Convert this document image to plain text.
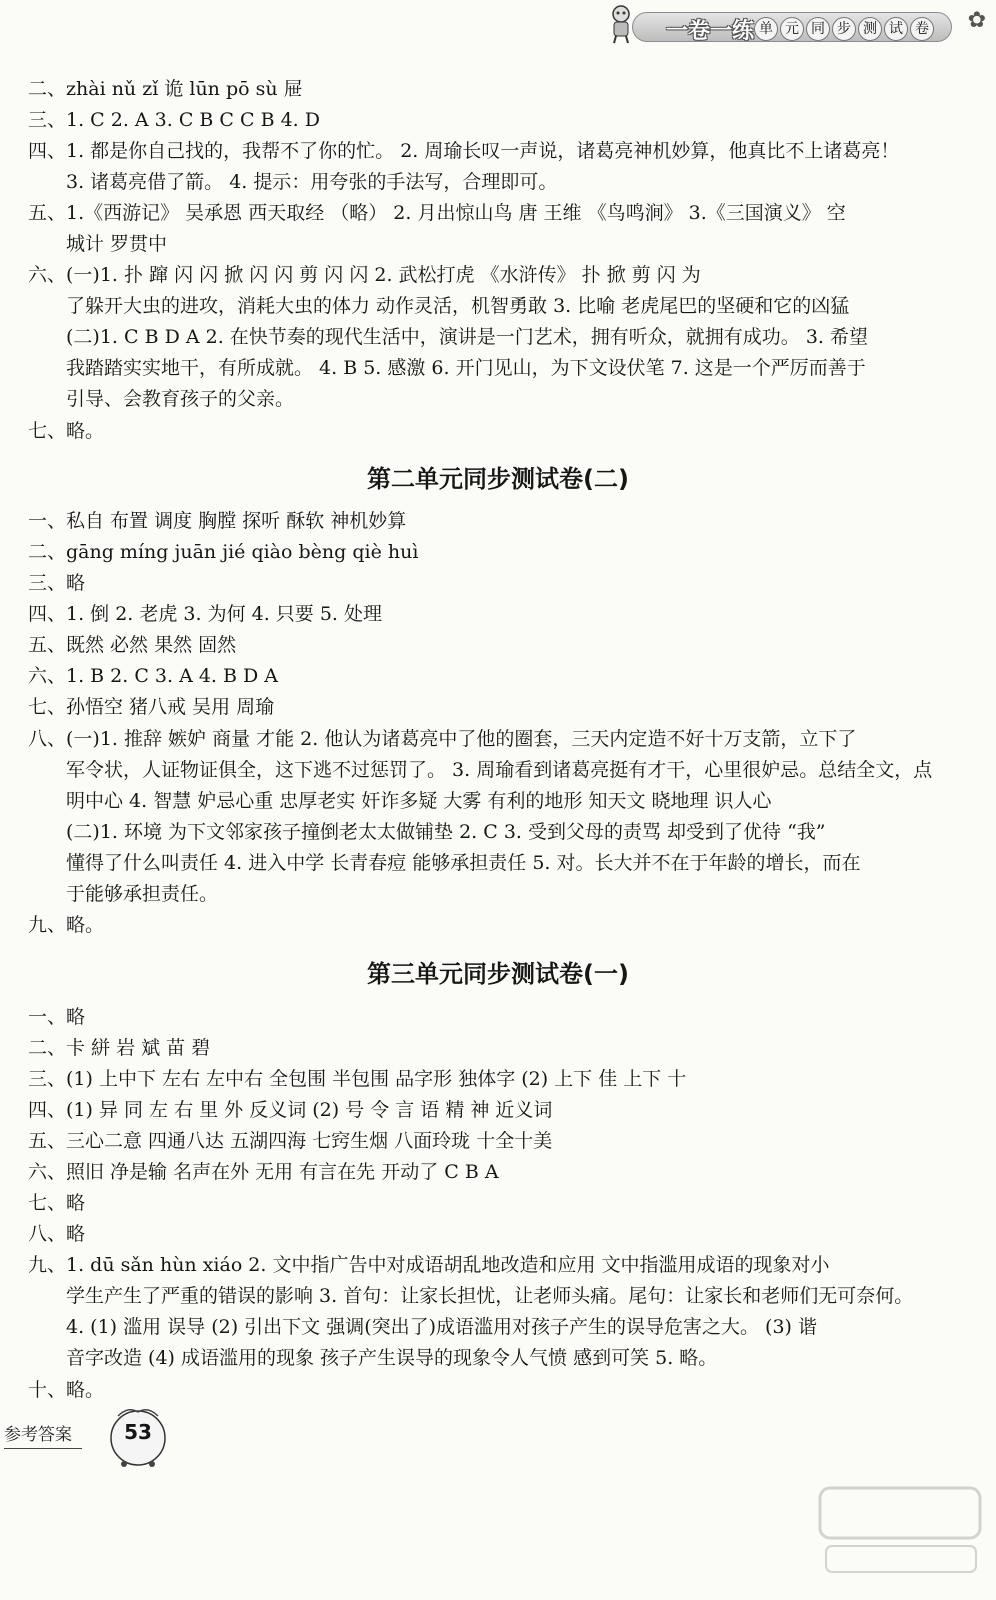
一卷一练 单 元 同 步 测 试 卷 ✿
二、zhài nǔ zǐ 诡 lūn pō sù 屉
三、1. C 2. A 3. C B C C B 4. D
四、1. 都是你自己找的，我帮不了你的忙。 2. 周瑜长叹一声说，诸葛亮神机妙算，他真比不上诸葛亮！
3. 诸葛亮借了箭。 4. 提示：用夸张的手法写，合理即可。
五、1.《西游记》 吴承恩 西天取经 （略） 2. 月出惊山鸟 唐 王维 《鸟鸣涧》 3.《三国演义》 空
城计 罗贯中
六、(一)1. 扑 蹿 闪 闪 掀 闪 闪 剪 闪 闪 2. 武松打虎 《水浒传》 扑 掀 剪 闪 为
了躲开大虫的进攻，消耗大虫的体力 动作灵活，机智勇敢 3. 比喻 老虎尾巴的坚硬和它的凶猛
(二)1. C B D A 2. 在快节奏的现代生活中，演讲是一门艺术，拥有听众，就拥有成功。 3. 希望
我踏踏实实地干，有所成就。 4. B 5. 感激 6. 开门见山，为下文设伏笔 7. 这是一个严厉而善于
引导、会教育孩子的父亲。
七、略。
第二单元同步测试卷(二)
一、私自 布置 调度 胸膛 探听 酥软 神机妙算
二、gāng míng juān jié qiào bèng qiè huì
三、略
四、1. 倒 2. 老虎 3. 为何 4. 只要 5. 处理
五、既然 必然 果然 固然
六、1. B 2. C 3. A 4. B D A
七、孙悟空 猪八戒 吴用 周瑜
八、(一)1. 推辞 嫉妒 商量 才能 2. 他认为诸葛亮中了他的圈套，三天内定造不好十万支箭，立下了
军令状，人证物证俱全，这下逃不过惩罚了。 3. 周瑜看到诸葛亮挺有才干，心里很妒忌。总结全文，点
明中心 4. 智慧 妒忌心重 忠厚老实 奸诈多疑 大雾 有利的地形 知天文 晓地理 识人心
(二)1. 环境 为下文邻家孩子撞倒老太太做铺垫 2. C 3. 受到父母的责骂 却受到了优待 “我”
懂得了什么叫责任 4. 进入中学 长青春痘 能够承担责任 5. 对。长大并不在于年龄的增长，而在
于能够承担责任。
九、略。
第三单元同步测试卷(一)
一、略
二、卡 絣 岩 斌 苗 碧
三、(1) 上中下 左右 左中右 全包围 半包围 品字形 独体字 (2) 上下 佳 上下 十
四、(1) 异 同 左 右 里 外 反义词 (2) 号 令 言 语 精 神 近义词
五、三心二意 四通八达 五湖四海 七窍生烟 八面玲珑 十全十美
六、照旧 净是输 名声在外 无用 有言在先 开动了 C B A
七、略
八、略
九、1. dū sǎn hùn xiáo 2. 文中指广告中对成语胡乱地改造和应用 文中指滥用成语的现象对小
学生产生了严重的错误的影响 3. 首句：让家长担忧，让老师头痛。尾句：让家长和老师们无可奈何。
4. (1) 滥用 误导 (2) 引出下文 强调(突出了)成语滥用对孩子产生的误导危害之大。 (3) 谐
音字改造 (4) 成语滥用的现象 孩子产生误导的现象令人气愤 感到可笑 5. 略。
十、略。
参考答案	53
